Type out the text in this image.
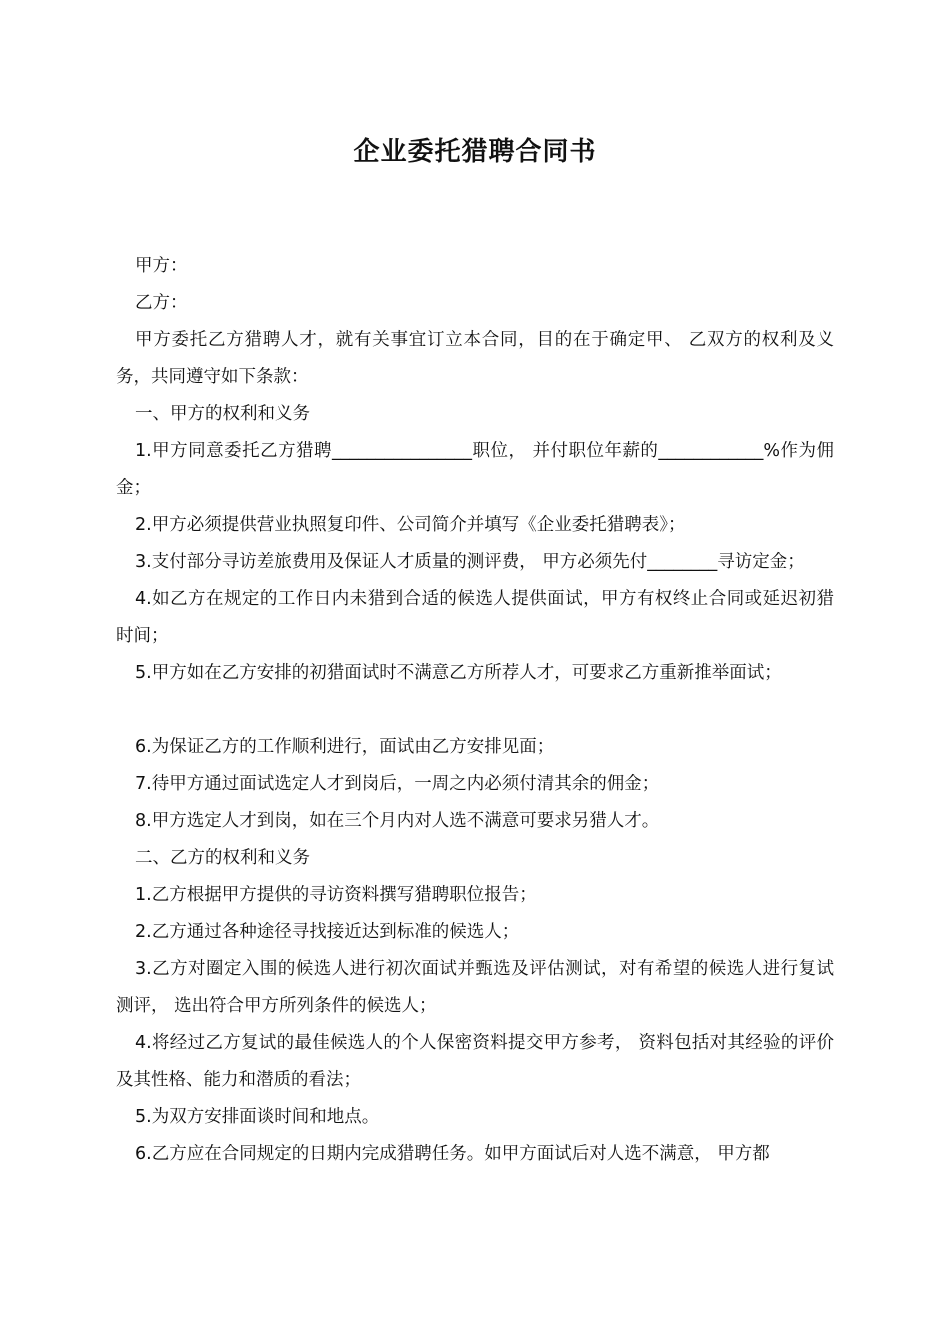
企业委托猎聘合同书

甲方：

乙方：

甲方委托乙方猎聘人才，就有关事宜订立本合同，目的在于确定甲、 乙双方的权利及义务，共同遵守如下条款：

一、甲方的权利和义务

1.甲方同意委托乙方猎聘________________职位， 并付职位年薪的____________%作为佣金；

2.甲方必须提供营业执照复印件、公司简介并填写《企业委托猎聘表》；

3.支付部分寻访差旅费用及保证人才质量的测评费， 甲方必须先付________寻访定金；

4.如乙方在规定的工作日内未猎到合适的候选人提供面试，甲方有权终止合同或延迟初猎时间；

5.甲方如在乙方安排的初猎面试时不满意乙方所荐人才，可要求乙方重新推举面试；

6.为保证乙方的工作顺利进行，面试由乙方安排见面；

7.待甲方通过面试选定人才到岗后，一周之内必须付清其余的佣金；

8.甲方选定人才到岗，如在三个月内对人选不满意可要求另猎人才。

二、乙方的权利和义务

1.乙方根据甲方提供的寻访资料撰写猎聘职位报告；

2.乙方通过各种途径寻找接近达到标准的候选人；

3.乙方对圈定入围的候选人进行初次面试并甄选及评估测试，对有希望的候选人进行复试测评， 选出符合甲方所列条件的候选人；

4.将经过乙方复试的最佳候选人的个人保密资料提交甲方参考， 资料包括对其经验的评价及其性格、能力和潜质的看法；

5.为双方安排面谈时间和地点。

6.乙方应在合同规定的日期内完成猎聘任务。如甲方面试后对人选不满意， 甲方都
